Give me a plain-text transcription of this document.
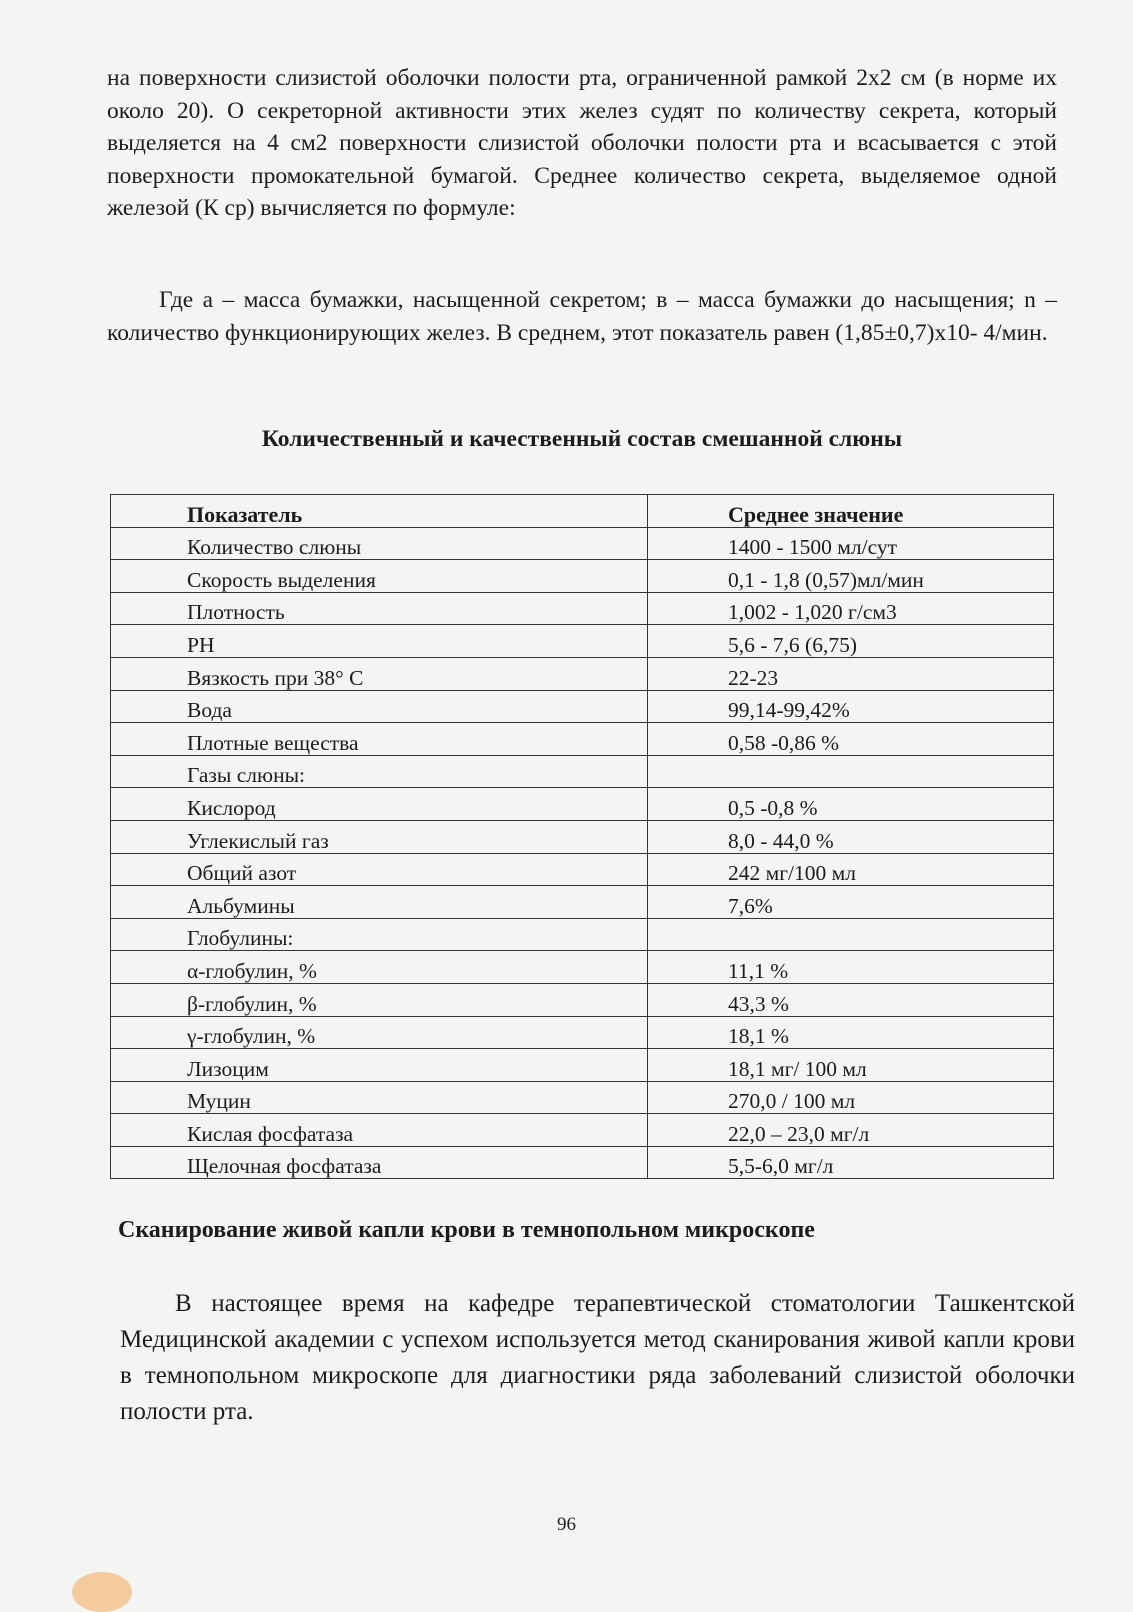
на поверхности слизистой оболочки полости рта, ограниченной рамкой 2х2 см (в норме их около 20). О секреторной активности этих желез судят по количеству секрета, который выделяется на 4 см2 поверхности слизистой оболочки полости рта и всасывается с этой поверхности промокательной бумагой. Среднее количество секрета, выделяемое одной железой (К ср) вычисляется по формуле:

Где а – масса бумажки, насыщенной секретом; в – масса бумажки до насыщения; n – количество функционирующих желез. В среднем, этот показатель равен (1,85±0,7)х10- 4/мин.

Количественный и качественный состав смешанной слюны
Показатель	Среднее значение
Количество слюны	1400 - 1500 мл/сут
Скорость выделения	0,1 - 1,8 (0,57)мл/мин
Плотность	1,002 - 1,020 г/см3
PH	5,6 - 7,6 (6,75)
Вязкость при 38° С	22-23
Вода	99,14-99,42%
Плотные вещества	0,58 -0,86 %
Газы слюны:	
Кислород	0,5 -0,8 %
Углекислый газ	8,0 - 44,0 %
Общий азот	242 мг/100 мл
Альбумины	7,6%
Глобулины:	
α-глобулин, %	11,1 %
β-глобулин, %	43,3 %
γ-глобулин, %	18,1 %
Лизоцим	18,1 мг/ 100 мл
Муцин	270,0 / 100 мл
Кислая фосфатаза	22,0 – 23,0 мг/л
Щелочная фосфатаза	5,5-6,0 мг/л
Сканирование живой капли крови в темнопольном микроскопе

В настоящее время на кафедре терапевтической стоматологии Ташкентской Медицинской академии с успехом используется метод сканирования живой капли крови в темнопольном микроскопе для диагностики ряда заболеваний слизистой оболочки полости рта.

96
